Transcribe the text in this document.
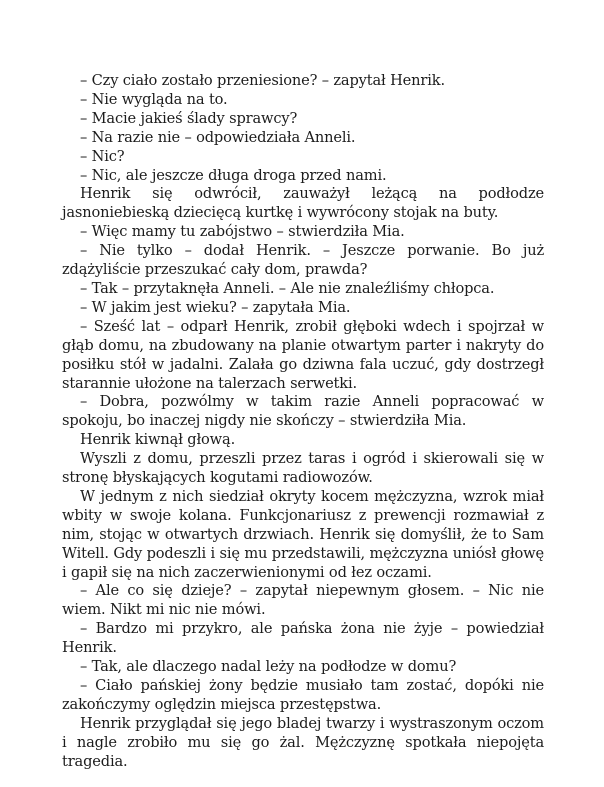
– Czy ciało zostało przeniesione? – zapytał Henrik.

– Nie wygląda na to.

– Macie jakieś ślady sprawcy?

– Na razie nie – odpowiedziała Anneli.

– Nic?

– Nic, ale jeszcze długa droga przed nami.

Henrik się odwrócił, zauważył leżącą na podłodze jasnoniebieską dziecięcą kurtkę i wywrócony stojak na buty.

– Więc mamy tu zabójstwo – stwierdziła Mia.

– Nie tylko – dodał Henrik. – Jeszcze porwanie. Bo już zdążyliście przeszukać cały dom, prawda?

– Tak – przytaknęła Anneli. – Ale nie znaleźliśmy chłopca.

– W jakim jest wieku? – zapytała Mia.

– Sześć lat – odparł Henrik, zrobił głęboki wdech i spojrzał w głąb domu, na zbudowany na planie otwartym parter i nakryty do posiłku stół w jadalni. Zalała go dziwna fala uczuć, gdy dostrzegł starannie ułożone na talerzach serwetki.

– Dobra, pozwólmy w takim razie Anneli popracować w spokoju, bo inaczej nigdy nie skończy – stwierdziła Mia.

Henrik kiwnął głową.

Wyszli z domu, przeszli przez taras i ogród i skierowali się w stronę błyskających kogutami radiowozów.

W jednym z nich siedział okryty kocem mężczyzna, wzrok miał wbity w swoje kolana. Funkcjonariusz z prewencji rozmawiał z nim, stojąc w otwartych drzwiach. Henrik się domyślił, że to Sam Witell. Gdy podeszli i się mu przedstawili, mężczyzna uniósł głowę i gapił się na nich zaczerwienionymi od łez oczami.

– Ale co się dzieje? – zapytał niepewnym głosem. – Nic nie wiem. Nikt mi nic nie mówi.

– Bardzo mi przykro, ale pańska żona nie żyje – powiedział Henrik.

– Tak, ale dlaczego nadal leży na podłodze w domu?

– Ciało pańskiej żony będzie musiało tam zostać, dopóki nie zakończymy oględzin miejsca przestępstwa.

Henrik przyglądał się jego bladej twarzy i wystraszonym oczom i nagle zrobiło mu się go żal. Mężczyznę spotkała niepojęta tragedia.
